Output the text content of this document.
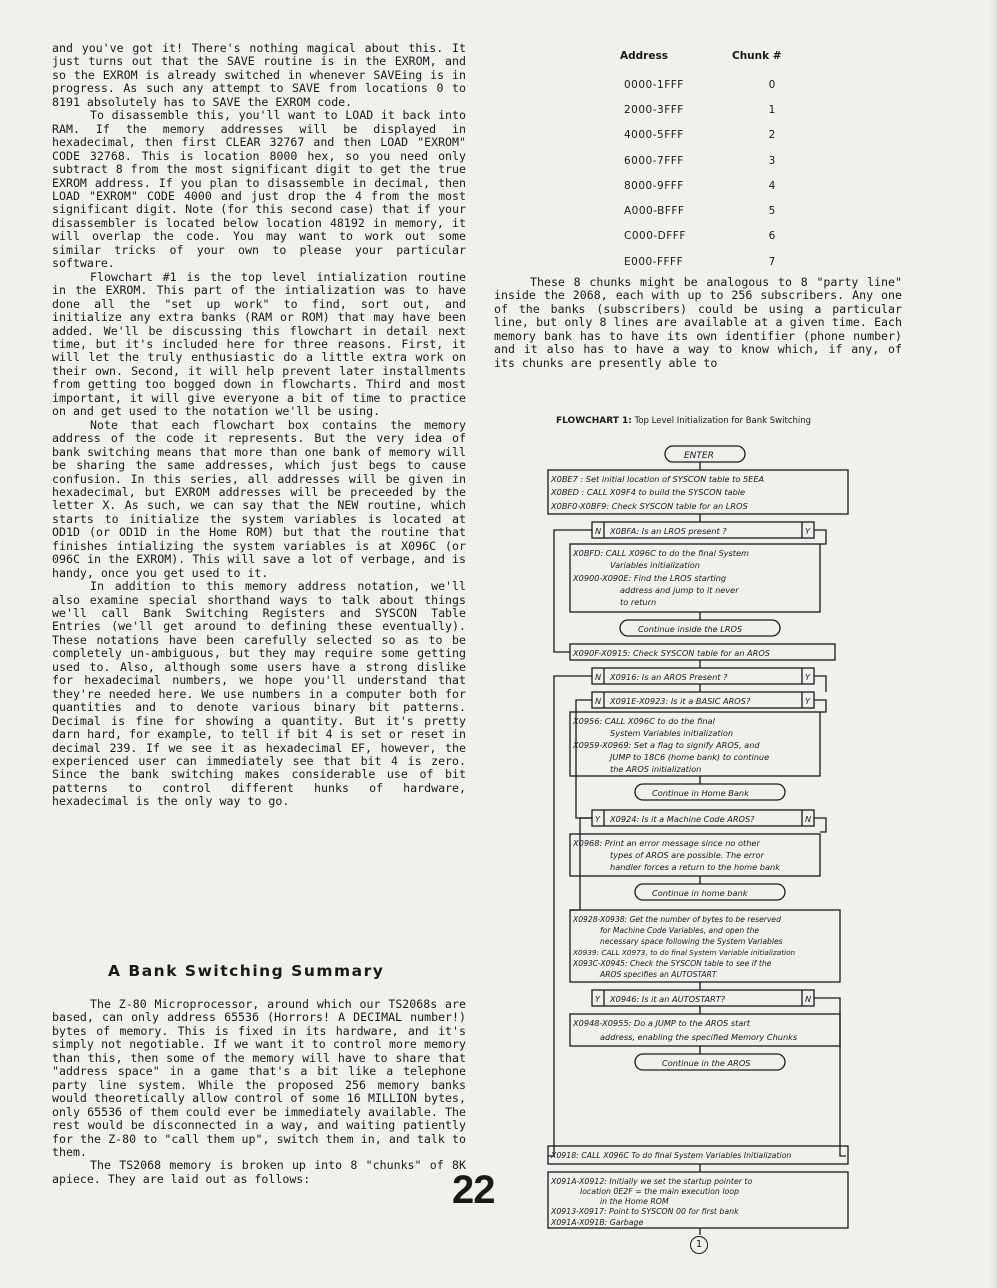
and you've got it! There's nothing magical about this. It just turns out that the SAVE routine is in the EXROM, and so the EXROM is already switched in whenever SAVEing is in progress. As such any attempt to SAVE from locations 0 to 8191 absolutely has to SAVE the EXROM code.

To disassemble this, you'll want to LOAD it back into RAM. If the memory addresses will be displayed in hexadecimal, then first CLEAR 32767 and then LOAD "EXROM" CODE 32768. This is location 8000 hex, so you need only subtract 8 from the most significant digit to get the true EXROM address. If you plan to disassemble in decimal, then LOAD "EXROM" CODE 4000 and just drop the 4 from the most significant digit. Note (for this second case) that if your disassembler is located below location 48192 in memory, it will overlap the code. You may want to work out some similar tricks of your own to please your particular software.

Flowchart #1 is the top level intialization routine in the EXROM. This part of the intialization was to have done all the "set up work" to find, sort out, and initialize any extra banks (RAM or ROM) that may have been added. We'll be discussing this flowchart in detail next time, but it's included here for three reasons. First, it will let the truly enthusiastic do a little extra work on their own. Second, it will help prevent later installments from getting too bogged down in flowcharts. Third and most important, it will give everyone a bit of time to practice on and get used to the notation we'll be using.

Note that each flowchart box contains the memory address of the code it represents. But the very idea of bank switching means that more than one bank of memory will be sharing the same addresses, which just begs to cause confusion. In this series, all addresses will be given in hexadecimal, but EXROM addresses will be preceeded by the letter X. As such, we can say that the NEW routine, which starts to initialize the system variables is located at OD1D (or OD1D in the Home ROM) but that the routine that finishes intializing the system variables is at X096C (or 096C in the EXROM). This will save a lot of verbage, and is handy, once you get used to it.

In addition to this memory address notation, we'll also examine special shorthand ways to talk about things we'll call Bank Switching Registers and SYSCON Table Entries (we'll get around to defining these eventually). These notations have been carefully selected so as to be completely un-ambiguous, but they may require some getting used to. Also, although some users have a strong dislike for hexadecimal numbers, we hope you'll understand that they're needed here. We use numbers in a computer both for quantities and to denote various binary bit patterns. Decimal is fine for showing a quantity. But it's pretty darn hard, for example, to tell if bit 4 is set or reset in decimal 239. If we see it as hexadecimal EF, however, the experienced user can immediately see that bit 4 is zero. Since the bank switching makes considerable use of bit patterns to control different hunks of hardware, hexadecimal is the only way to go.

A Bank Switching Summary

The Z-80 Microprocessor, around which our TS2068s are based, can only address 65536 (Horrors! A DECIMAL number!) bytes of memory. This is fixed in its hardware, and it's simply not negotiable. If we want it to control more memory than this, then some of the memory will have to share that "address space" in a game that's a bit like a telephone party line system. While the proposed 256 memory banks would theoretically allow control of some 16 MILLION bytes, only 65536 of them could ever be immediately available. The rest would be disconnected in a way, and waiting patiently for the Z-80 to "call them up", switch them in, and talk to them.

The TS2068 memory is broken up into 8 "chunks" of 8K apiece. They are laid out as follows:

Address	Chunk #
0000-1FFF	0
2000-3FFF	1
4000-5FFF	2
6000-7FFF	3
8000-9FFF	4
A000-BFFF	5
C000-DFFF	6
E000-FFFF	7

These 8 chunks might be analogous to 8 "party line" inside the 2068, each with up to 256 subscribers. Any one of the banks (subscribers) could be using a particular line, but only 8 lines are available at a given time. Each memory bank has to have its own identifier (phone number) and it also has to have a way to know which, if any, of its chunks are presently able to

FLOWCHART 1: Top Level Initialization for Bank Switching

ENTER
X0BE7 : Set initial location of SYSCON table to 5EEA
X0BED : CALL X09F4 to build the SYSCON table
X0BF0-X0BF9: Check SYSCON table for an LROS
N X0BFA: Is an LROS present ?	Y
X0BFD: CALL X096C to do the final System
Variables initialization
X0900-X090E: Find the LROS starting
address and jump to it never
to return
Continue inside the LROS
X090F-X0915: Check SYSCON table for an AROS
N X0916: Is an AROS Present ?	Y
N X091E-X0923: Is it a BASIC AROS?	Y
X0956: CALL X096C to do the final
System Variables initialization
X0959-X0969: Set a flag to signify AROS, and
JUMP to 18C6 (home bank) to continue
the AROS initialization
Continue in Home Bank
Y X0924: Is it a Machine Code AROS?	N
X0968: Print an error message since no other
types of AROS are possible. The error
handler forces a return to the home bank
Continue in home bank
X0928-X0938: Get the number of bytes to be reserved
for Machine Code Variables, and open the
necessary space following the System Variables
X0939: CALL X0973, to do final System Variable initialization
X093C-X0945: Check the SYSCON table to see if the
AROS specifies an AUTOSTART
Y X0946: Is it an AUTOSTART?	N
X0948-X0955: Do a JUMP to the AROS start
address, enabling the specified Memory Chunks
Continue in the AROS
X0918: CALL X096C To do final System Variables Initialization
X091A-X0912: Initially we set the startup pointer to
location 0E2F = the main execution loop
in the Home ROM
X0913-X0917: Point to SYSCON 00 for first bank
X091A-X091B: Garbage
1

22
